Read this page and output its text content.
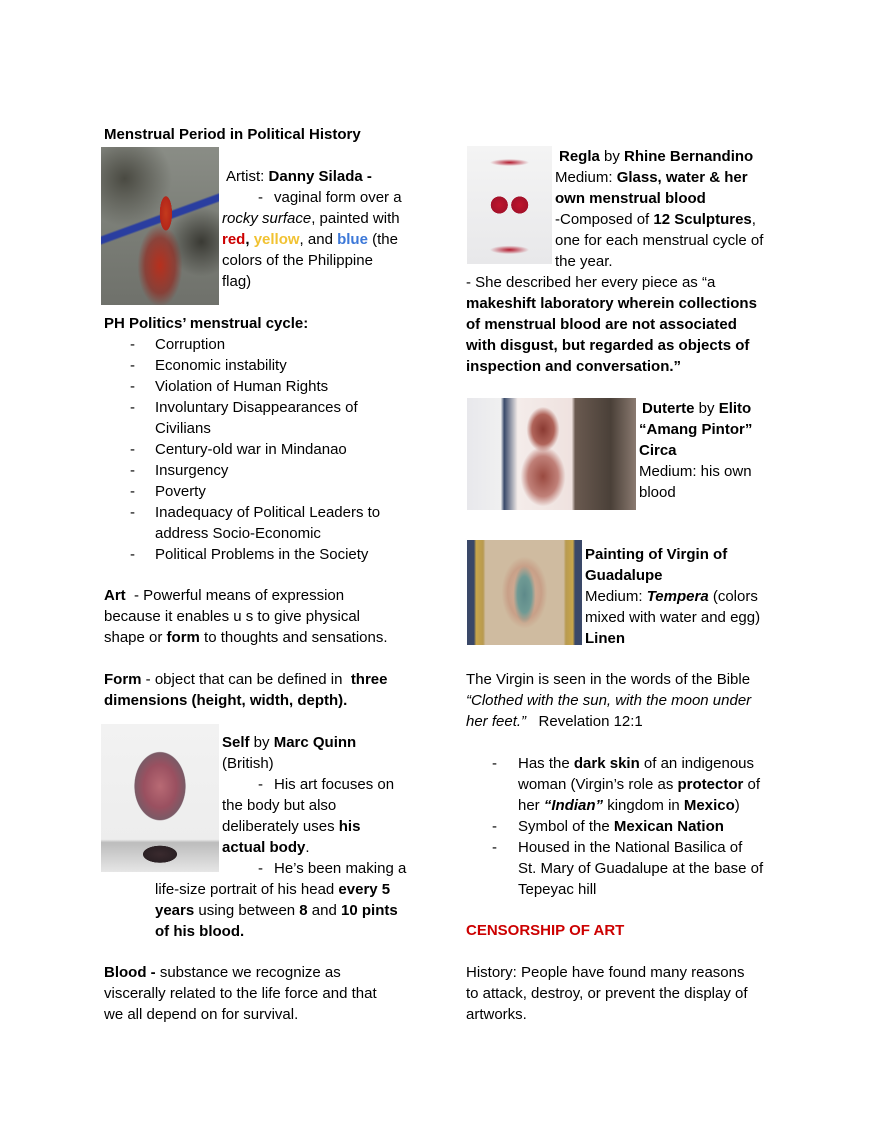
Menstrual Period in Political History
Artist: Danny Silada -
- vaginal form over a
rocky surface, painted with
red, yellow, and blue (the
colors of the Philippine
flag)
PH Politics’ menstrual cycle:
- Corruption
- Economic instability
- Violation of Human Rights
- Involuntary Disappearances of
Civilians
- Century-old war in Mindanao
- Insurgency
- Poverty
- Inadequacy of Political Leaders to
address Socio-Economic
- Political Problems in the Society
Art  - Powerful means of expression
because it enables u s to give physical
shape or form to thoughts and sensations.
Form - object that can be defined in  three
dimensions (height, width, depth).
Self by Marc Quinn
(British)
- His art focuses on
the body but also
deliberately uses his
actual body.
- He’s been making a
life-size portrait of his head every 5
years using between 8 and 10 pints
of his blood.
Blood - substance we recognize as
viscerally related to the life force and that
we all depend on for survival.
Regla by Rhine Bernandino
Medium: Glass, water & her
own menstrual blood
-Composed of 12 Sculptures,
one for each menstrual cycle of
the year.
- She described her every piece as “a
makeshift laboratory wherein collections
of menstrual blood are not associated
with disgust, but regarded as objects of
inspection and conversation.”
Duterte by Elito
“Amang Pintor”
Circa
Medium: his own
blood
Painting of Virgin of
Guadalupe
Medium: Tempera (colors
mixed with water and egg)
Linen
The Virgin is seen in the words of the Bible
“Clothed with the sun, with the moon under
her feet.”   Revelation 12:1
- Has the dark skin of an indigenous
woman (Virgin’s role as protector of
her “Indian” kingdom in Mexico)
- Symbol of the Mexican Nation
- Housed in the National Basilica of
St. Mary of Guadalupe at the base of
Tepeyac hill
CENSORSHIP OF ART
History: People have found many reasons
to attack, destroy, or prevent the display of
artworks.
